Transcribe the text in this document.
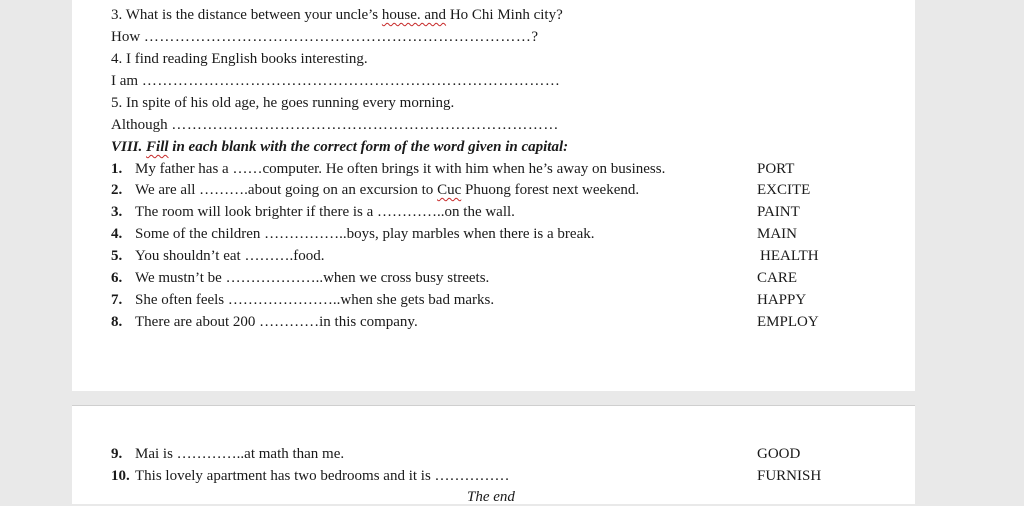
3. What is the distance between your uncle’s house. and Ho Chi Minh city?
How …………………………………………………………………?
4. I find reading English books interesting.
I am ………………………………………………………………………
5. In spite of his old age, he goes running every morning.
Although …………………………………………………………………
VIII. Fill in each blank with the correct form of the word given in capital:
1. My father has a ……computer. He often brings it with him when he’s away on business.	PORT
2. We are all ……….about going on an excursion to Cuc Phuong forest next weekend.	EXCITE
3. The room will look brighter if there is a …………..on the wall.	PAINT
4. Some of the children ……………..boys, play marbles when there is a break.	MAIN
5. You shouldn’t eat ……….food.	HEALTH
6. We mustn’t be ………………..when we cross busy streets.	CARE
7. She often feels …………………..when she gets bad marks.	HAPPY
8. There are about 200 …………in this company.	EMPLOY
9. Mai is …………..at math than me.	GOOD
10. This lovely apartment has two bedrooms and it is ……………	FURNISH
The end
